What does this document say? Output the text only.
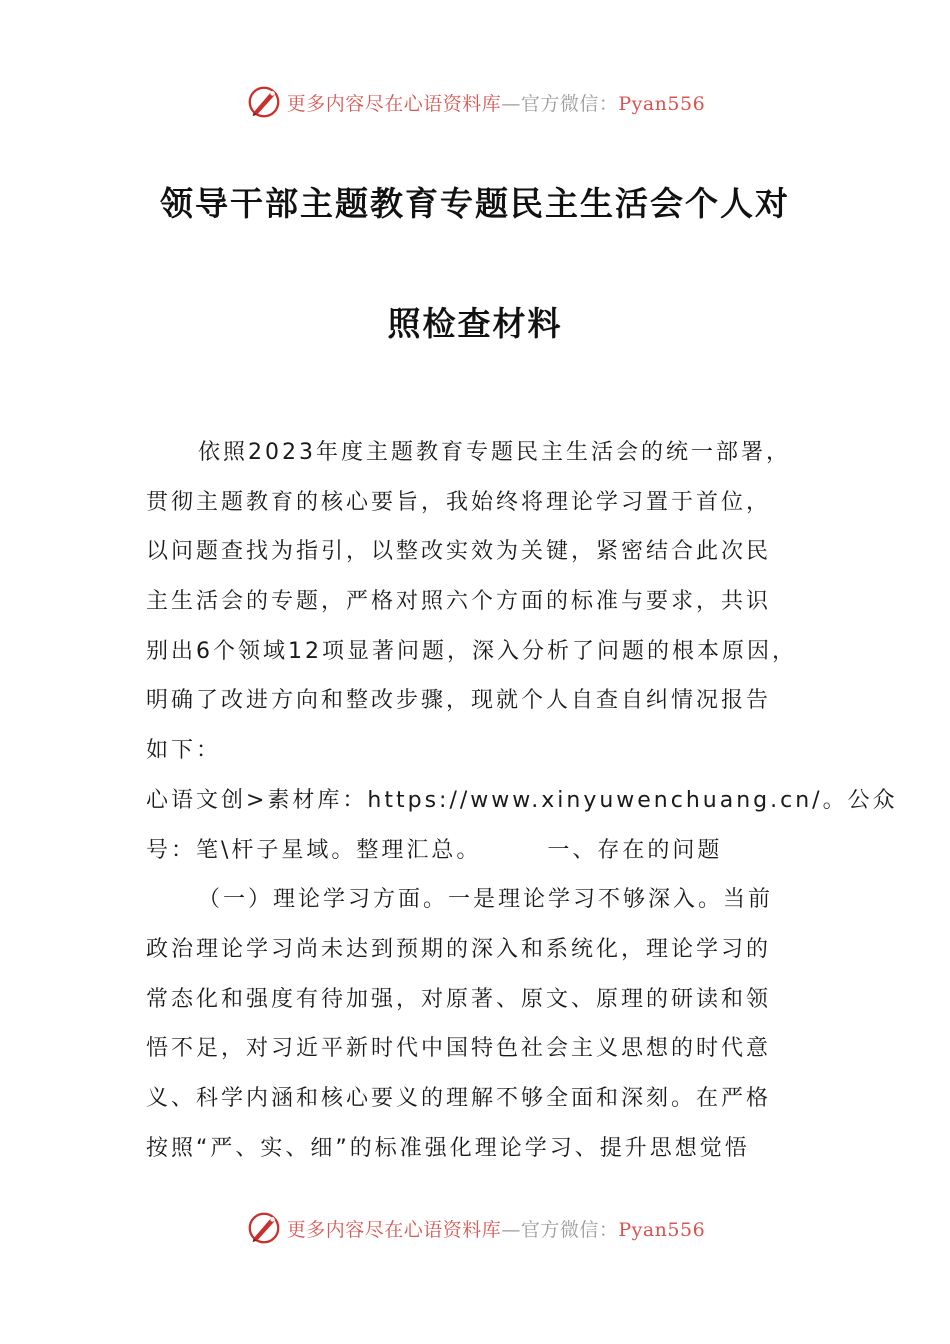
更多内容尽在心语资料库—官方微信：Pyan556
领导干部主题教育专题民主生活会个人对
照检查材料
依照2023年度主题教育专题民主生活会的统一部署，
贯彻主题教育的核心要旨，我始终将理论学习置于首位，
以问题查找为指引，以整改实效为关键，紧密结合此次民
主生活会的专题，严格对照六个方面的标准与要求，共识
别出6个领域12项显著问题，深入分析了问题的根本原因，
明确了改进方向和整改步骤，现就个人自查自纠情况报告
如下：
心语文创>素材库：https://www.xinyuwenchuang.cn/。公众
号：笔\杆子星域。整理汇总。	一、存在的问题
（一）理论学习方面。一是理论学习不够深入。当前
政治理论学习尚未达到预期的深入和系统化，理论学习的
常态化和强度有待加强，对原著、原文、原理的研读和领
悟不足，对习近平新时代中国特色社会主义思想的时代意
义、科学内涵和核心要义的理解不够全面和深刻。在严格
按照“严、实、细”的标准强化理论学习、提升思想觉悟
更多内容尽在心语资料库—官方微信：Pyan556
